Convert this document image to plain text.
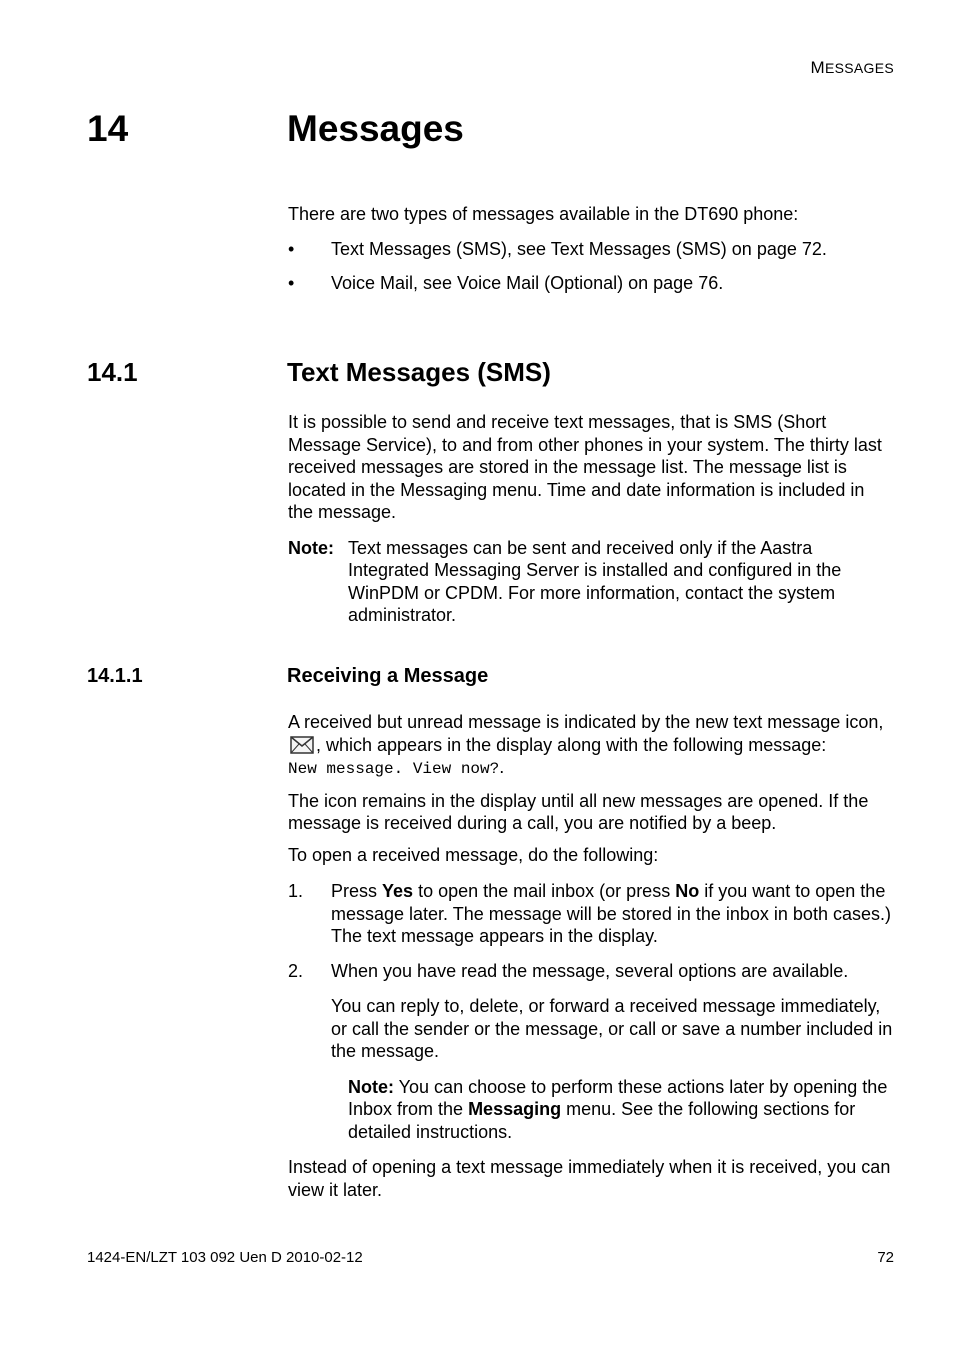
MESSAGES
14	Messages

There are two types of messages available in the DT690 phone:

•	Text Messages (SMS), see Text Messages (SMS) on page 72.
•	Voice Mail, see Voice Mail (Optional) on page 76.
14.1	Text Messages (SMS)

It is possible to send and receive text messages, that is SMS (Short Message Service), to and from other phones in your system. The thirty last received messages are stored in the message list. The message list is located in the Messaging menu. Time and date information is included in the message.

Note: Text messages can be sent and received only if the Aastra Integrated Messaging Server is installed and configured in the WinPDM or CPDM. For more information, contact the system administrator.
14.1.1	Receiving a Message

A received but unread message is indicated by the new text message icon, , which appears in the display along with the following message:
New message. View now?.

The icon remains in the display until all new messages are opened. If the message is received during a call, you are notified by a beep.

To open a received message, do the following:

1.	Press Yes to open the mail inbox (or press No if you want to open the message later. The message will be stored in the inbox in both cases.) The text message appears in the display.
2.	When you have read the message, several options are available.
You can reply to, delete, or forward a received message immediately, or call the sender or the message, or call or save a number included in the message.
Note: You can choose to perform these actions later by opening the Inbox from the Messaging menu. See the following sections for detailed instructions.

Instead of opening a text message immediately when it is received, you can view it later.

1424-EN/LZT 103 092 Uen D 2010-02-12	72
